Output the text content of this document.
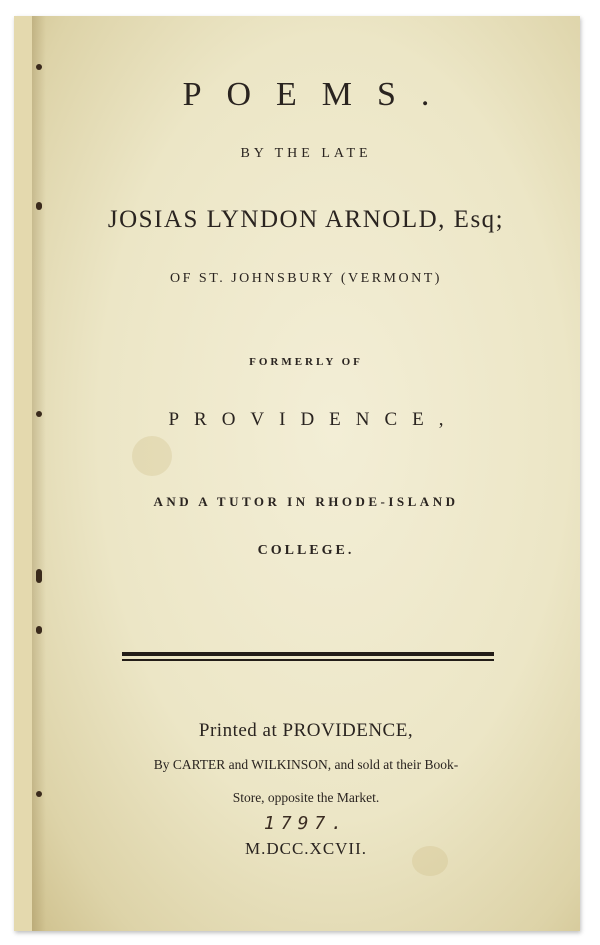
POEMS.
BY THE LATE
JOSIAS LYNDON ARNOLD, Esq;
OF ST. JOHNSBURY (VERMONT)
FORMERLY OF
PROVIDENCE,
AND A TUTOR IN RHODE-ISLAND
COLLEGE.
Printed at PROVIDENCE,
By CARTER and WILKINSON, and sold at their Book-
Store, opposite the Market.
1797.
M.DCC.XCVII.
